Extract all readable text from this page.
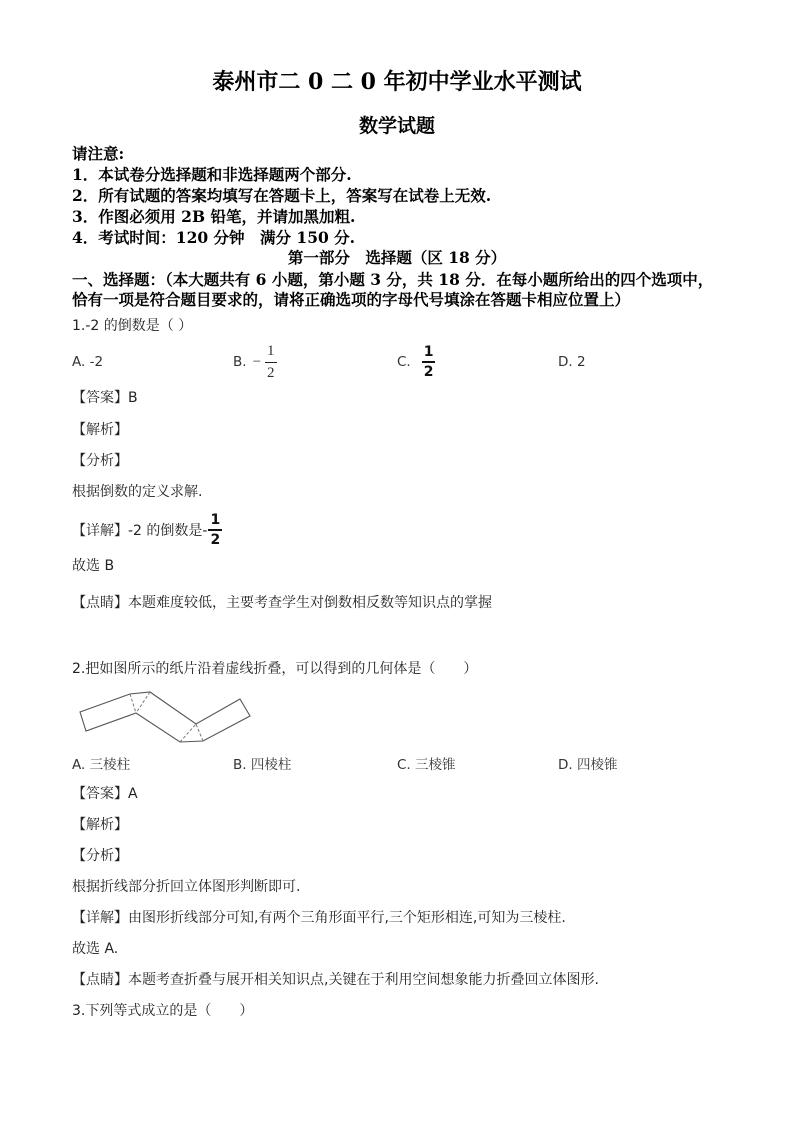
泰州市二 0 二 0 年初中学业水平测试
数学试题
请注意:
1．本试卷分选择题和非选择题两个部分.
2．所有试题的答案均填写在答题卡上，答案写在试卷上无效.
3．作图必须用 2B 铅笔，并请加黑加粗.
4．考试时间：120 分钟　满分 150 分.
第一部分　选择题（区 18 分）
一、选择题：（本大题共有 6 小题，第小题 3 分，共 18 分．在每小题所给出的四个选项中，
恰有一项是符合题目要求的，请将正确选项的字母代号填涂在答题卡相应位置上）
1.-2 的倒数是（ ）
A. -2	B. − $\frac{1}{2}$	C. $\frac{1}{2}$	D. 2
【答案】B
【解析】
【分析】
根据倒数的定义求解.
【详解】-2 的倒数是- $\frac{1}{2}$
故选 B
【点睛】本题难度较低，主要考查学生对倒数相反数等知识点的掌握
2.把如图所示的纸片沿着虚线折叠，可以得到的几何体是（　　）
A. 三棱柱	B. 四棱柱	C. 三棱锥	D. 四棱锥
【答案】A
【解析】
【分析】
根据折线部分折回立体图形判断即可.
【详解】由图形折线部分可知,有两个三角形面平行,三个矩形相连,可知为三棱柱.
故选 A.
【点睛】本题考查折叠与展开相关知识点,关键在于利用空间想象能力折叠回立体图形.
3.下列等式成立的是（　　）
